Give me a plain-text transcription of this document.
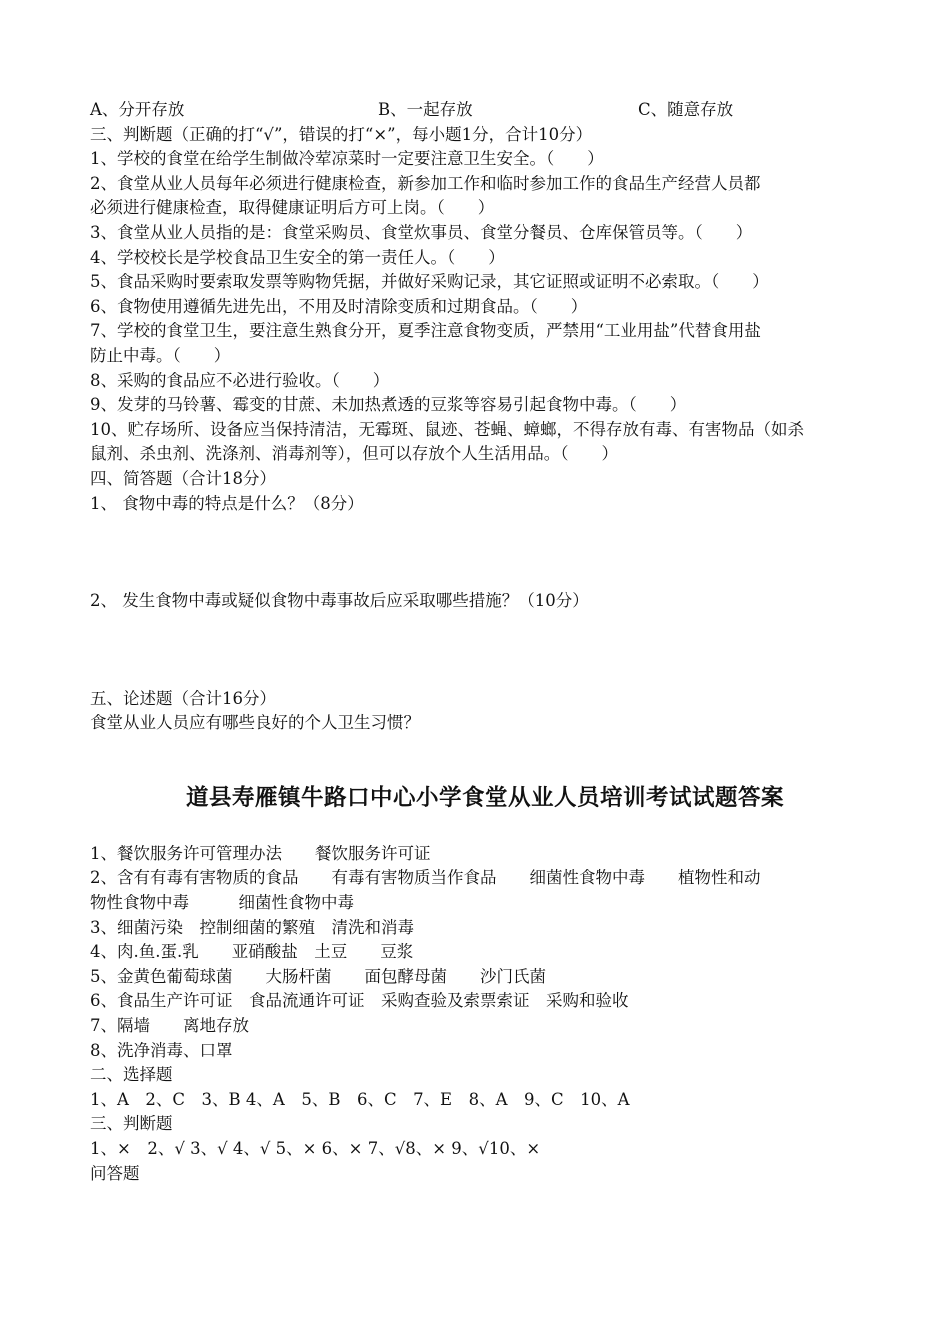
A、分开存放	B、一起存放	C、随意存放
三、判断题（正确的打“√”，错误的打“×”，每小题1分，合计10分）
1、学校的食堂在给学生制做冷荤凉菜时一定要注意卫生安全。（　　）
2、食堂从业人员每年必须进行健康检查，新参加工作和临时参加工作的食品生产经营人员都
必须进行健康检查，取得健康证明后方可上岗。（　　）
3、食堂从业人员指的是：食堂采购员、食堂炊事员、食堂分餐员、仓库保管员等。（　　）
4、学校校长是学校食品卫生安全的第一责任人。（　　）
5、食品采购时要索取发票等购物凭据，并做好采购记录，其它证照或证明不必索取。（　　）
6、食物使用遵循先进先出，不用及时清除变质和过期食品。（　　）
7、学校的食堂卫生，要注意生熟食分开，夏季注意食物变质，严禁用“工业用盐”代替食用盐
防止中毒。（　　）
8、采购的食品应不必进行验收。（　　）
9、发芽的马铃薯、霉变的甘蔗、未加热煮透的豆浆等容易引起食物中毒。（　　）
10、贮存场所、设备应当保持清洁，无霉斑、鼠迹、苍蝇、蟑螂，不得存放有毒、有害物品（如杀
鼠剂、杀虫剂、洗涤剂、消毒剂等），但可以存放个人生活用品。（　　）
四、简答题（合计18分）
1、 食物中毒的特点是什么？（8分）
2、 发生食物中毒或疑似食物中毒事故后应采取哪些措施？（10分）
五、论述题（合计16分）
食堂从业人员应有哪些良好的个人卫生习惯？
道县寿雁镇牛路口中心小学食堂从业人员培训考试试题答案
1、餐饮服务许可管理办法　　餐饮服务许可证
2、含有有毒有害物质的食品　　有毒有害物质当作食品　　细菌性食物中毒　　植物性和动
物性食物中毒　　　细菌性食物中毒
3、细菌污染　控制细菌的繁殖　清洗和消毒
4、肉.鱼.蛋.乳　　亚硝酸盐　土豆　　豆浆
5、金黄色葡萄球菌　　大肠杆菌　　面包酵母菌　　沙门氏菌
6、食品生产许可证　食品流通许可证　采购查验及索票索证　采购和验收
7、隔墙　　离地存放
8、洗净消毒、口罩
二、选择题
1、A　2、C　3、B 4、A　5、B　6、C　7、E　8、A　9、C　10、A
三、判断题
1、×　2、√ 3、√ 4、√ 5、× 6、× 7、√8、× 9、√10、×
问答题
